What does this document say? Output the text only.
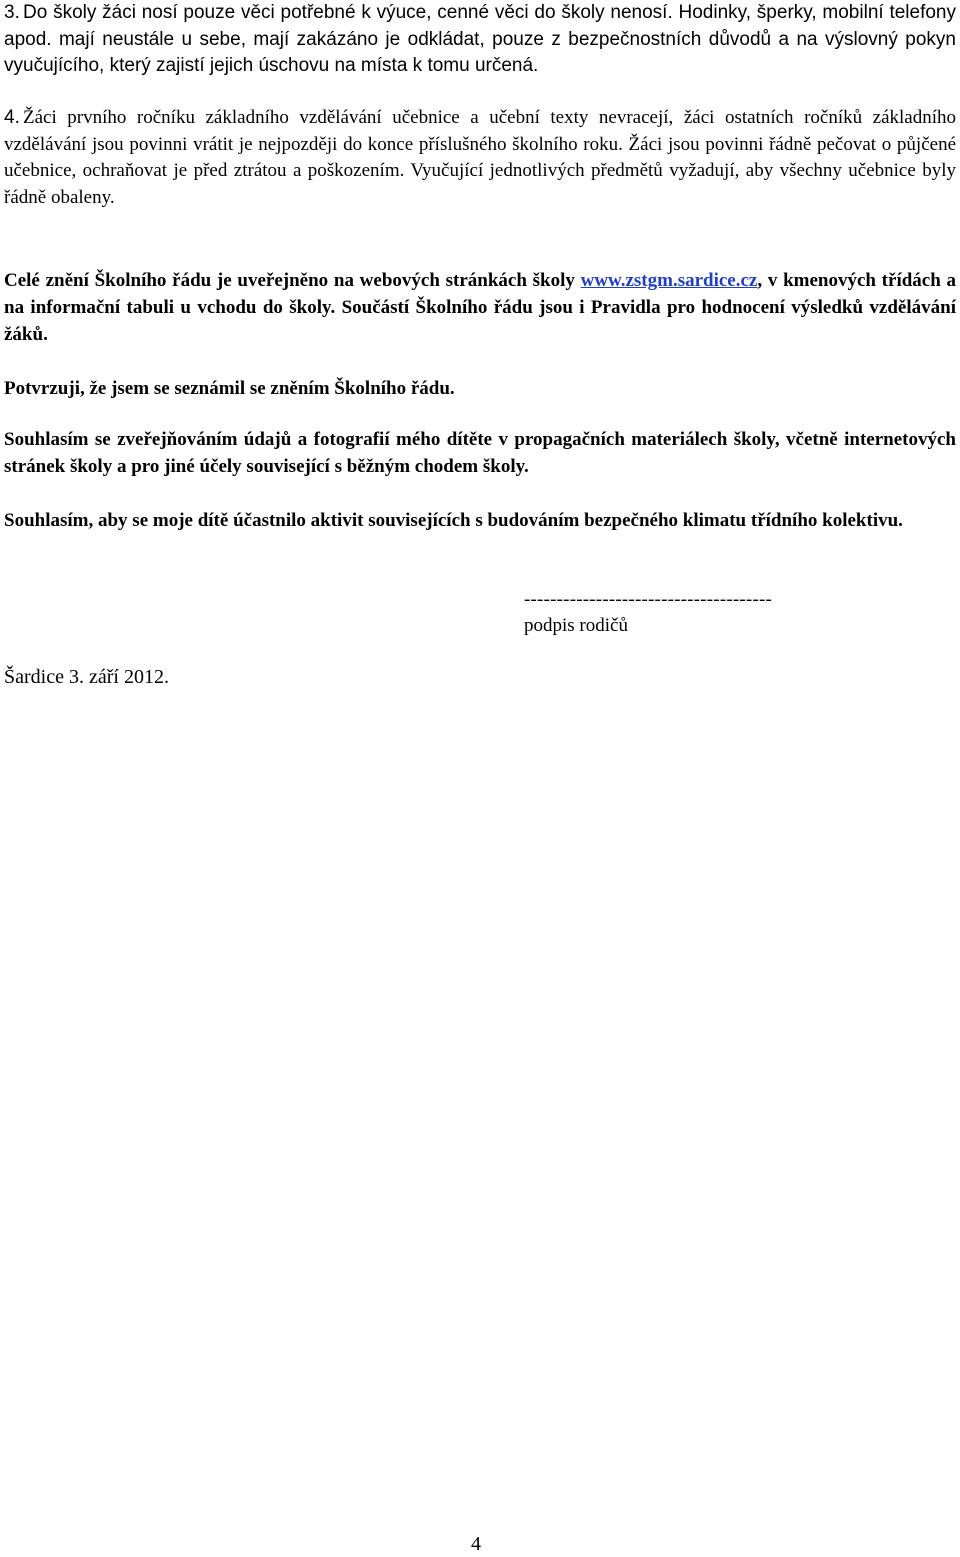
3. Do školy žáci nosí pouze věci potřebné k výuce, cenné věci do školy nenosí. Hodinky, šperky, mobilní telefony apod. mají neustále u sebe, mají zakázáno je odkládat, pouze z bezpečnostních důvodů a na výslovný pokyn vyučujícího, který zajistí jejich úschovu na místa k tomu určená.
4. Žáci prvního ročníku základního vzdělávání učebnice a učební texty nevracejí, žáci ostatních ročníků základního vzdělávání jsou povinni vrátit je nejpozději do konce příslušného školního roku. Žáci jsou povinni řádně pečovat o půjčené učebnice, ochraňovat je před ztrátou a poškozením. Vyučující jednotlivých předmětů vyžadují, aby všechny učebnice byly řádně obaleny.
Celé znění Školního řádu je uveřejněno na webových stránkách školy www.zstgm.sardice.cz, v kmenových třídách a na informační tabuli u vchodu do školy. Součástí Školního řádu jsou i Pravidla pro hodnocení výsledků vzdělávání žáků.
Potvrzuji, že jsem se seznámil se zněním Školního řádu.
Souhlasím se zveřejňováním údajů a fotografií mého dítěte v propagačních materiálech školy, včetně internetových stránek školy a pro jiné účely související s běžným chodem školy.
Souhlasím, aby se moje dítě účastnilo aktivit souvisejících s budováním bezpečného klimatu třídního kolektivu.
--------------------------------------
podpis rodičů
Šardice 3. září 2012.
4
